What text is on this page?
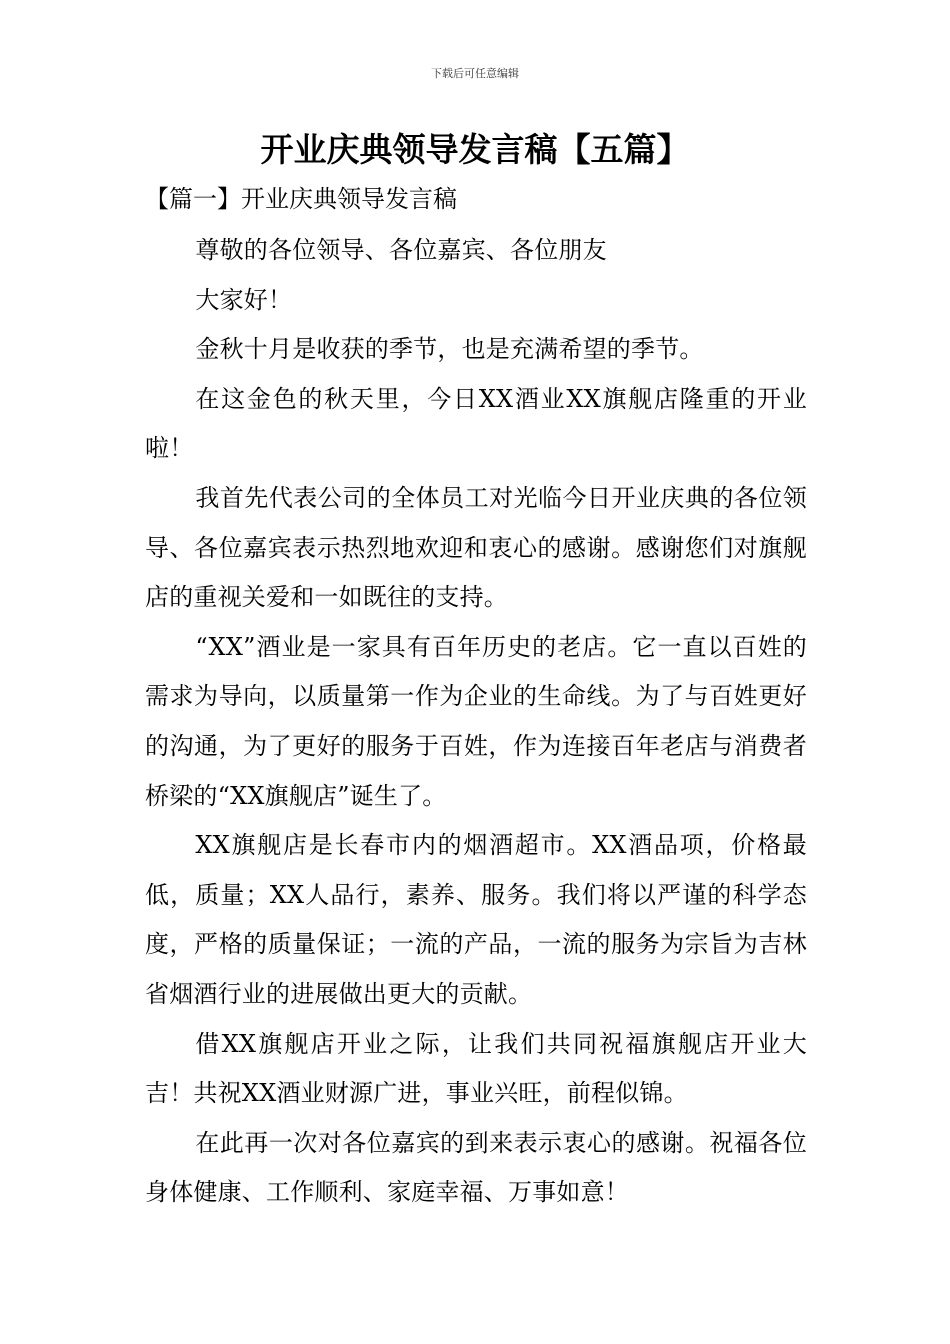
下载后可任意编辑
开业庆典领导发言稿【五篇】
【篇一】开业庆典领导发言稿

尊敬的各位领导、各位嘉宾、各位朋友

大家好！

金秋十月是收获的季节，也是充满希望的季节。

在这金色的秋天里，今日XX酒业XX旗舰店隆重的开业啦！

我首先代表公司的全体员工对光临今日开业庆典的各位领导、各位嘉宾表示热烈地欢迎和衷心的感谢。感谢您们对旗舰店的重视关爱和一如既往的支持。

“XX”酒业是一家具有百年历史的老店。它一直以百姓的需求为导向，以质量第一作为企业的生命线。为了与百姓更好的沟通，为了更好的服务于百姓，作为连接百年老店与消费者桥梁的“XX旗舰店”诞生了。

XX旗舰店是长春市内的烟酒超市。XX酒品项，价格最低，质量；XX人品行，素养、服务。我们将以严谨的科学态度，严格的质量保证；一流的产品，一流的服务为宗旨为吉林省烟酒行业的进展做出更大的贡献。

借XX旗舰店开业之际，让我们共同祝福旗舰店开业大吉！共祝XX酒业财源广进，事业兴旺，前程似锦。

在此再一次对各位嘉宾的到来表示衷心的感谢。祝福各位身体健康、工作顺利、家庭幸福、万事如意！
